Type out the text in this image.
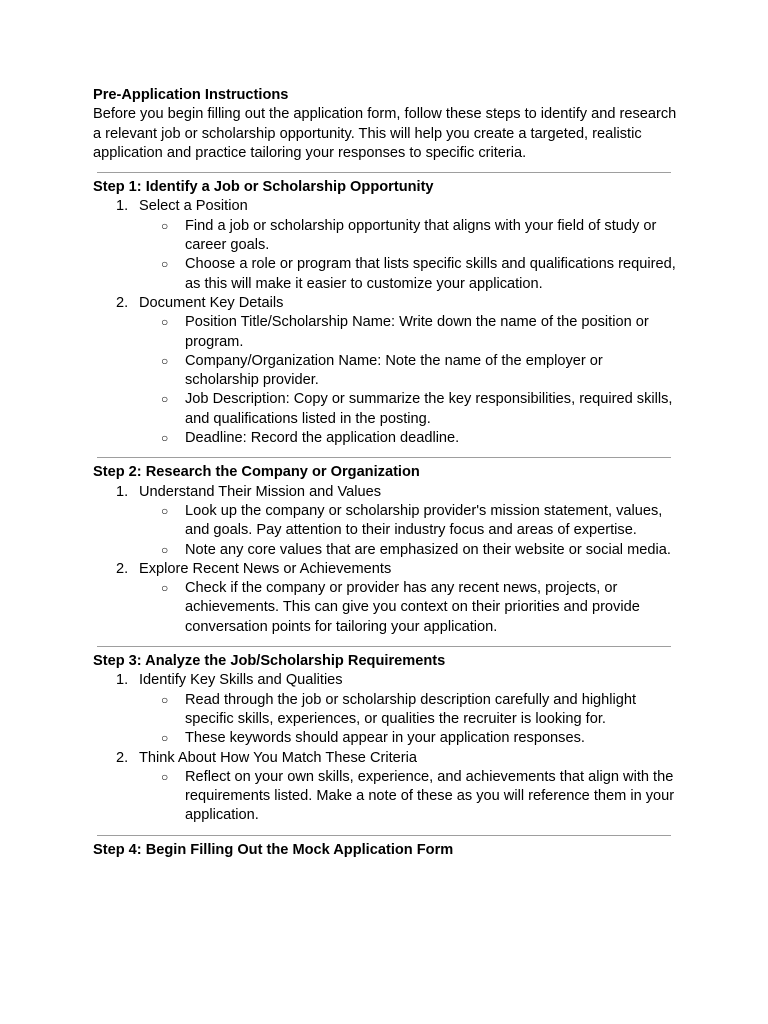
Pre-Application Instructions

Before you begin filling out the application form, follow these steps to identify and research a relevant job or scholarship opportunity. This will help you create a targeted, realistic application and practice tailoring your responses to specific criteria.

Step 1: Identify a Job or Scholarship Opportunity

1. Select a Position
○ Find a job or scholarship opportunity that aligns with your field of study or career goals.
○ Choose a role or program that lists specific skills and qualifications required, as this will make it easier to customize your application.
2. Document Key Details
○ Position Title/Scholarship Name: Write down the name of the position or program.
○ Company/Organization Name: Note the name of the employer or scholarship provider.
○ Job Description: Copy or summarize the key responsibilities, required skills, and qualifications listed in the posting.
○ Deadline: Record the application deadline.

Step 2: Research the Company or Organization

1. Understand Their Mission and Values
○ Look up the company or scholarship provider's mission statement, values, and goals. Pay attention to their industry focus and areas of expertise.
○ Note any core values that are emphasized on their website or social media.
2. Explore Recent News or Achievements
○ Check if the company or provider has any recent news, projects, or achievements. This can give you context on their priorities and provide conversation points for tailoring your application.

Step 3: Analyze the Job/Scholarship Requirements

1. Identify Key Skills and Qualities
○ Read through the job or scholarship description carefully and highlight specific skills, experiences, or qualities the recruiter is looking for.
○ These keywords should appear in your application responses.
2. Think About How You Match These Criteria
○ Reflect on your own skills, experience, and achievements that align with the requirements listed. Make a note of these as you will reference them in your application.

Step 4: Begin Filling Out the Mock Application Form
